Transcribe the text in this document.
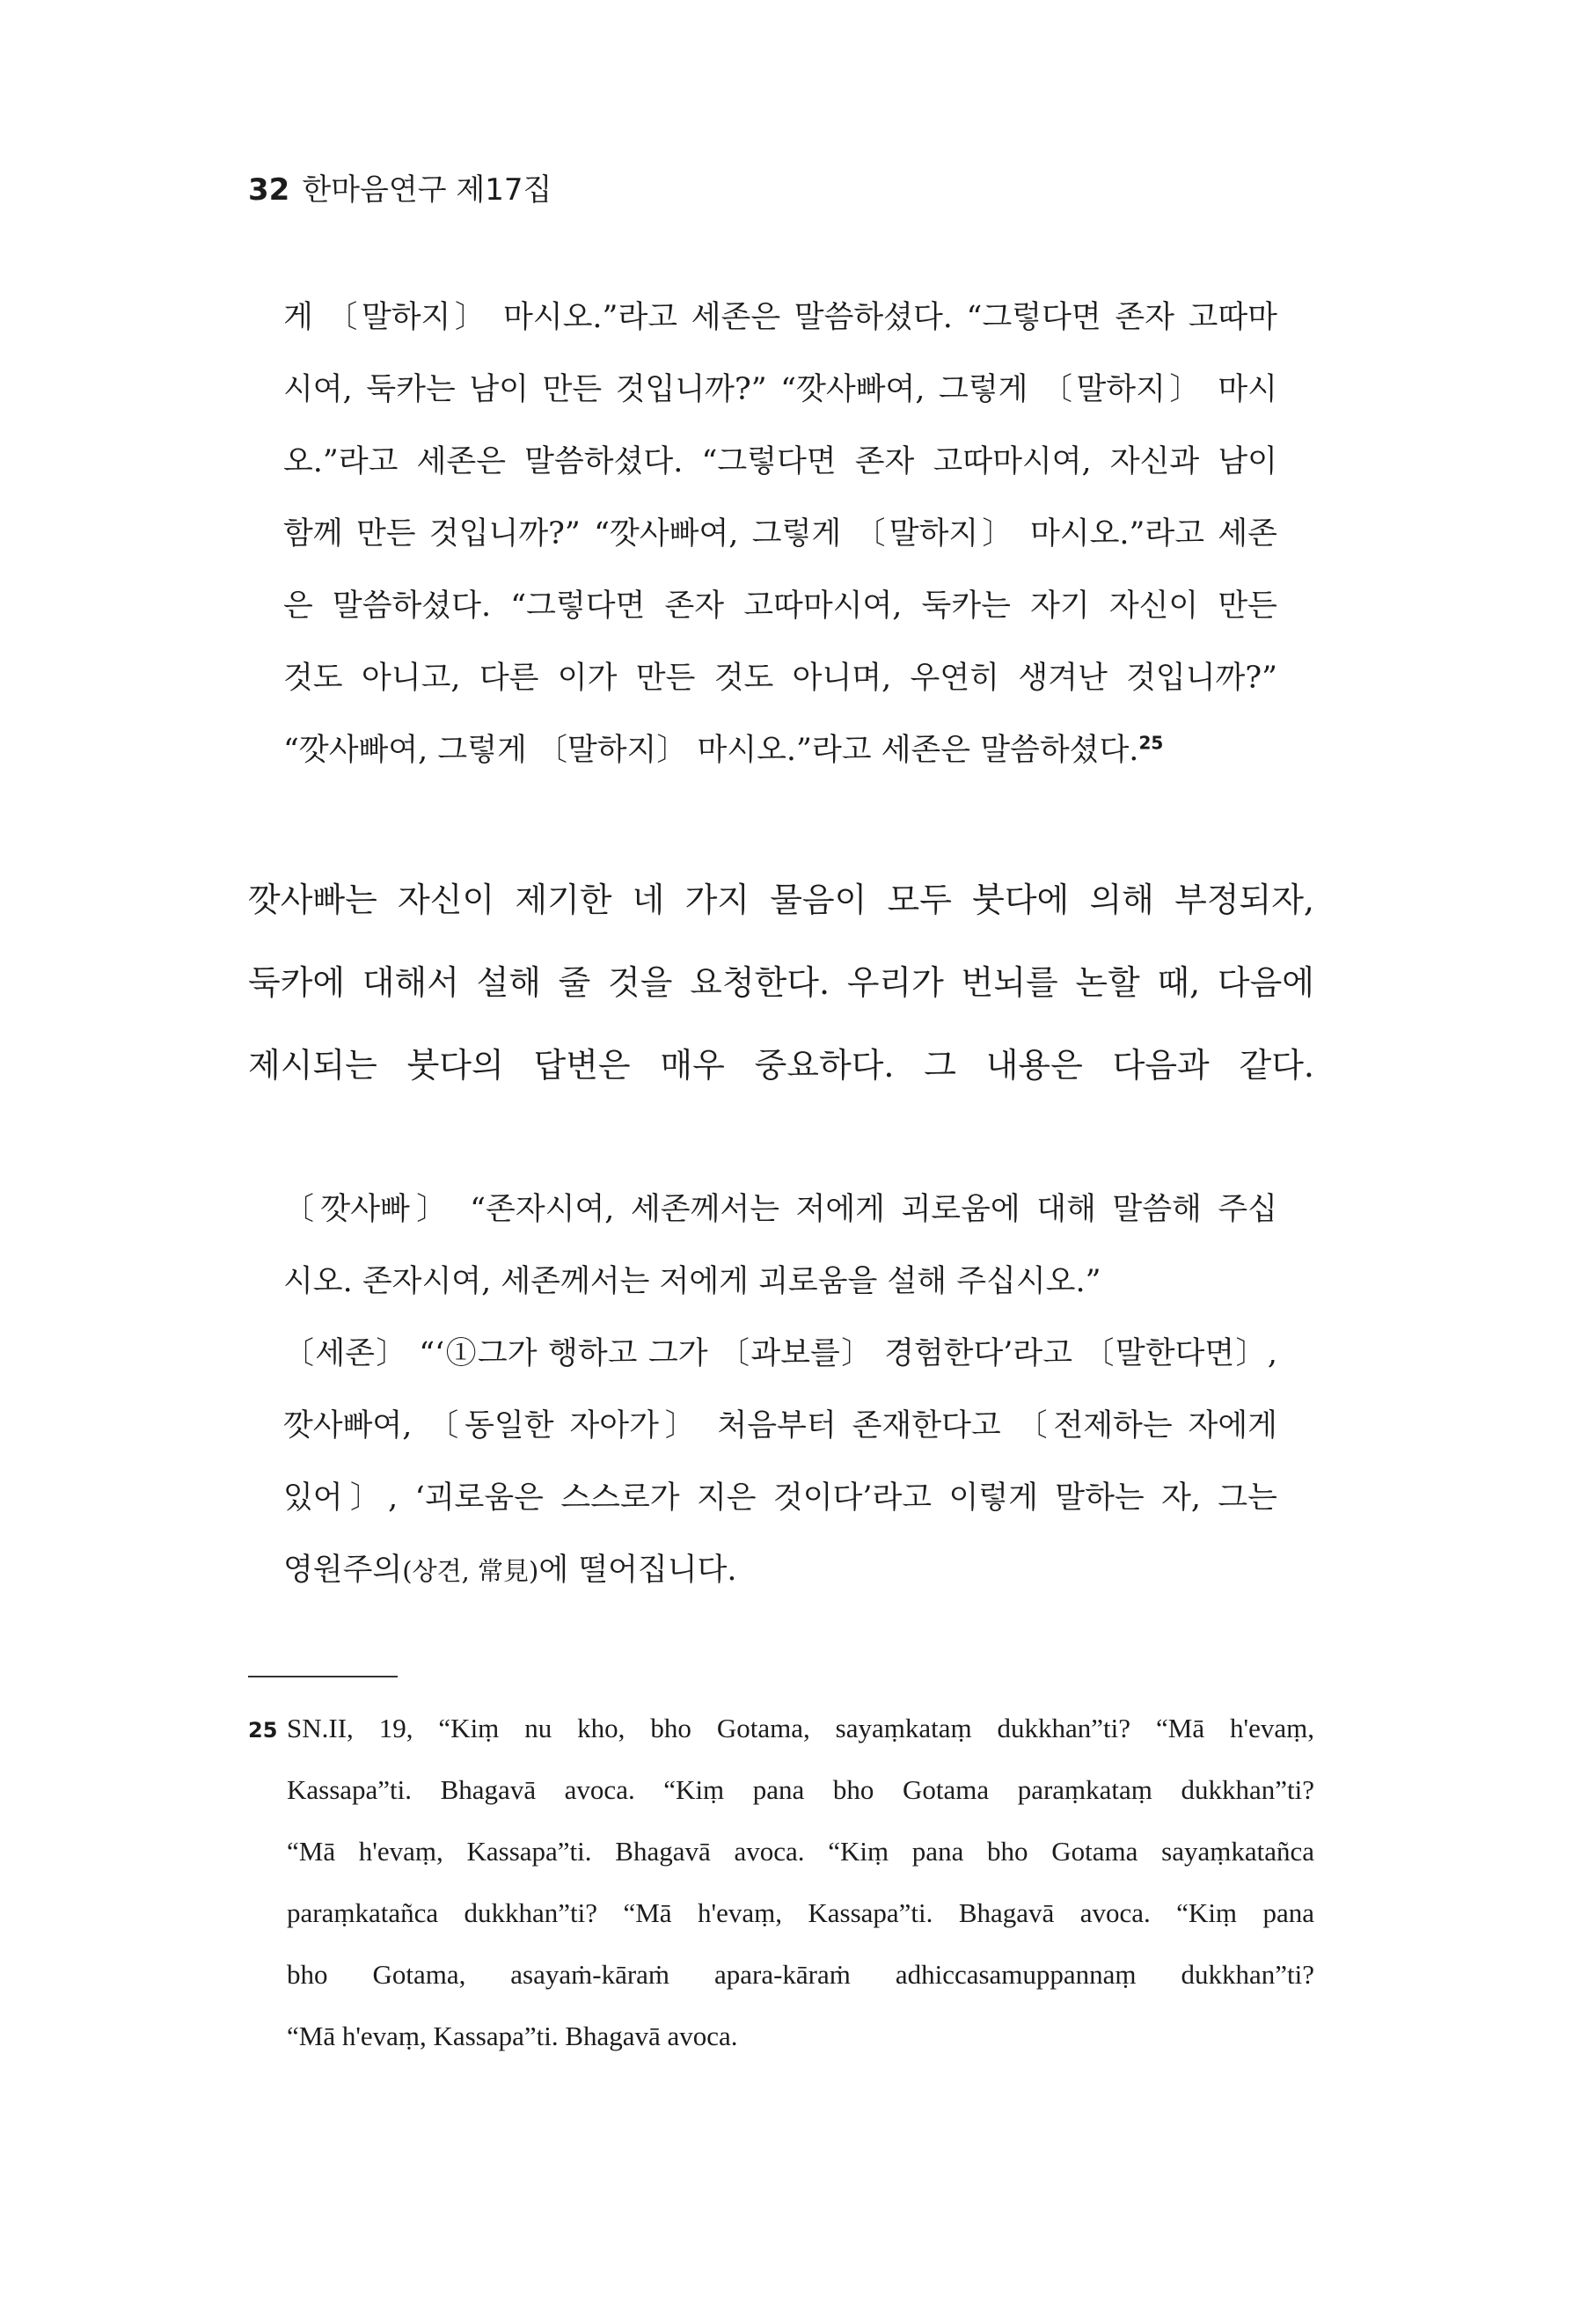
32 한마음연구 제17집
게 〔말하지〕 마시오.”라고 세존은 말씀하셨다. “그렇다면 존자 고따마
시여, 둑카는 남이 만든 것입니까?” “깟사빠여, 그렇게 〔말하지〕 마시
오.”라고 세존은 말씀하셨다. “그렇다면 존자 고따마시여, 자신과 남이
함께 만든 것입니까?” “깟사빠여, 그렇게 〔말하지〕 마시오.”라고 세존
은 말씀하셨다. “그렇다면 존자 고따마시여, 둑카는 자기 자신이 만든
것도 아니고, 다른 이가 만든 것도 아니며, 우연히 생겨난 것입니까?”
“깟사빠여, 그렇게 〔말하지〕 마시오.”라고 세존은 말씀하셨다.$^{25}$
깟사빠는 자신이 제기한 네 가지 물음이 모두 붓다에 의해 부정되자,
둑카에 대해서 설해 줄 것을 요청한다. 우리가 번뇌를 논할 때, 다음에
제시되는 붓다의 답변은 매우 중요하다. 그 내용은 다음과 같다.
〔깟사빠〕 “존자시여, 세존께서는 저에게 괴로움에 대해 말씀해 주십
시오. 존자시여, 세존께서는 저에게 괴로움을 설해 주십시오.”
〔세존〕 “‘①그가 행하고 그가 〔과보를〕 경험한다’라고 〔말한다면〕,
깟사빠여, 〔동일한 자아가〕 처음부터 존재한다고 〔전제하는 자에게
있어〕, ‘괴로움은 스스로가 지은 것이다’라고 이렇게 말하는 자, 그는
영원주의(상견, 常見)에 떨어집니다.
25 SN.II, 19, “Kiṃ nu kho, bho Gotama, sayaṃkataṃ dukkhan”ti? “Mā h'evaṃ,
Kassapa”ti. Bhagavā avoca. “Kiṃ pana bho Gotama paraṃkataṃ dukkhan”ti?
“Mā h'evaṃ, Kassapa”ti. Bhagavā avoca. “Kiṃ pana bho Gotama sayaṃkatañca
paraṃkatañca dukkhan”ti? “Mā h'evaṃ, Kassapa”ti. Bhagavā avoca. “Kiṃ pana
bho Gotama, asayaṁ-kāraṁ apara-kāraṁ adhiccasamuppannaṃ dukkhan”ti?
“Mā h'evaṃ, Kassapa”ti. Bhagavā avoca.
